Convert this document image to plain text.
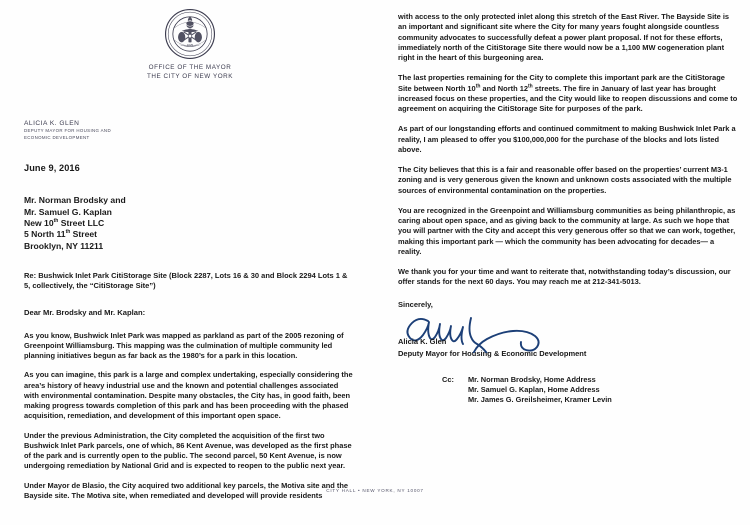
1625
OFFICE OF THE MAYOR
THE CITY OF NEW YORK
ALICIA K. GLEN
DEPUTY MAYOR FOR HOUSING AND
ECONOMIC DEVELOPMENT
June 9, 2016
Mr. Norman Brodsky and
Mr. Samuel G. Kaplan
New 10th Street LLC
5 North 11th Street
Brooklyn, NY 11211
Re: Bushwick Inlet Park CitiStorage Site (Block 2287, Lots 16 & 30 and Block 2294 Lots 1 & 5, collectively, the “CitiStorage Site”)
Dear Mr. Brodsky and Mr. Kaplan:

As you know, Bushwick Inlet Park was mapped as parkland as part of the 2005 rezoning of Greenpoint Williamsburg. This mapping was the culmination of multiple community led planning initiatives begun as far back as the 1980’s for a park in this location.

As you can imagine, this park is a large and complex undertaking, especially considering the area’s history of heavy industrial use and the known and potential challenges associated with environmental contamination. Despite many obstacles, the City has, in good faith, been making progress towards completion of this park and has been proceeding with the phased acquisition, remediation, and development of this important open space.

Under the previous Administration, the City completed the acquisition of the first two Bushwick Inlet Park parcels, one of which, 86 Kent Avenue, was developed as the first phase of the park and is currently open to the public. The second parcel, 50 Kent Avenue, is now undergoing remediation by National Grid and is expected to reopen to the public next year.

Under Mayor de Blasio, the City acquired two additional key parcels, the Motiva site and the Bayside site. The Motiva site, when remediated and developed will provide residents

with access to the only protected inlet along this stretch of the East River. The Bayside Site is an important and significant site where the City for many years fought alongside countless community advocates to successfully defeat a power plant proposal. If not for these efforts, immediately north of the CitiStorage Site there would now be a 1,100 MW cogeneration plant right in the heart of this burgeoning area.

The last properties remaining for the City to complete this important park are the CitiStorage Site between North 10th and North 12th streets. The fire in January of last year has brought increased focus on these properties, and the City would like to reopen discussions and come to agreement on acquiring the CitiStorage Site for purposes of the park.

As part of our longstanding efforts and continued commitment to making Bushwick Inlet Park a reality, I am pleased to offer you $100,000,000 for the purchase of the blocks and lots listed above.

The City believes that this is a fair and reasonable offer based on the properties’ current M3-1 zoning and is very generous given the known and unknown costs associated with the multiple sources of environmental contamination on the properties.

You are recognized in the Greenpoint and Williamsburg communities as being philanthropic, as caring about open space, and as giving back to the community at large. As such we hope that you will partner with the City and accept this very generous offer so that we can work, together, making this important park — which the community has been advocating for decades— a reality.

We thank you for your time and want to reiterate that, notwithstanding today’s discussion, our offer stands for the next 60 days. You may reach me at 212-341-5013.

Sincerely,
Alicia K. Glen
Deputy Mayor for Housing & Economic Development
Cc:	Mr. Norman Brodsky, Home Address
Mr. Samuel G. Kaplan, Home Address
Mr. James G. Greilsheimer, Kramer Levin
CITY HALL • NEW YORK, NY 10007
